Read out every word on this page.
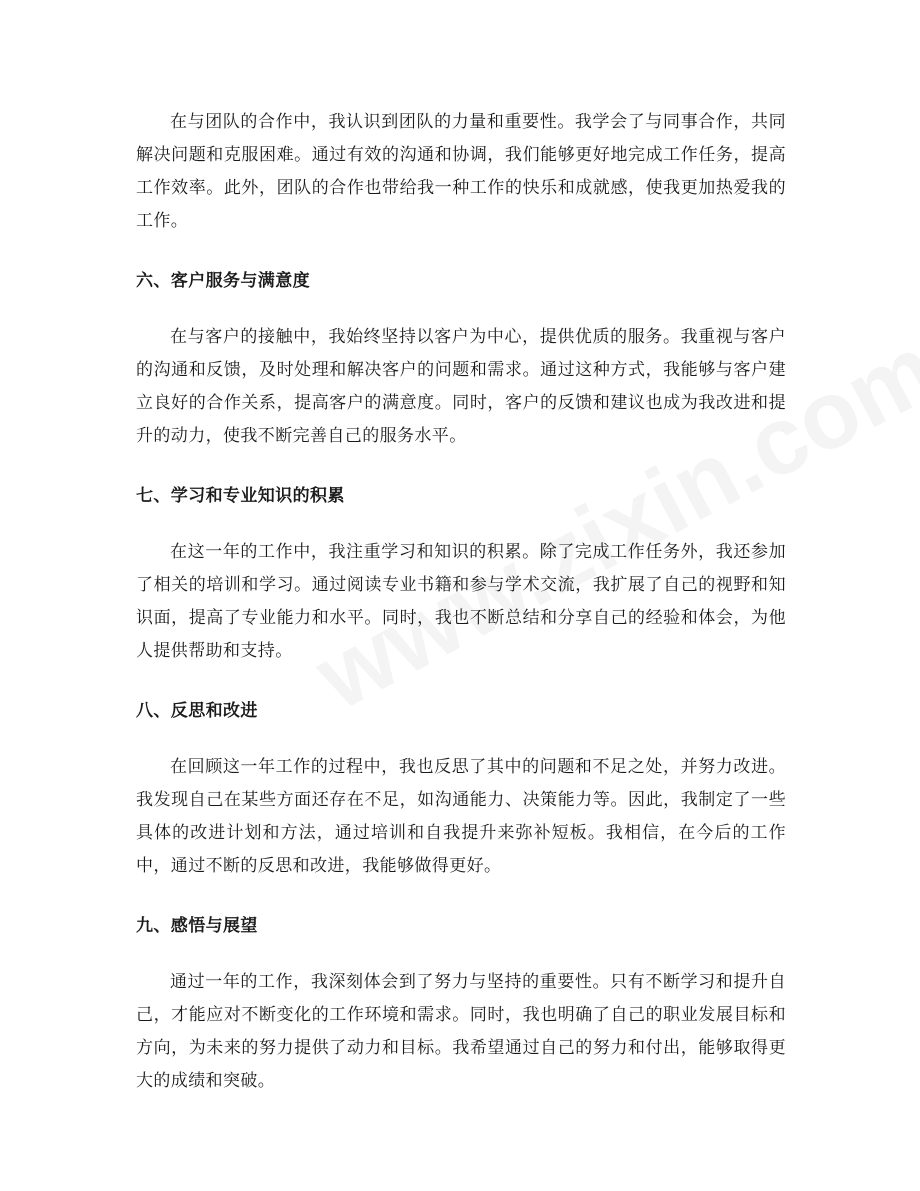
在与团队的合作中，我认识到团队的力量和重要性。我学会了与同事合作，共同解决问题和克服困难。通过有效的沟通和协调，我们能够更好地完成工作任务，提高工作效率。此外，团队的合作也带给我一种工作的快乐和成就感，使我更加热爱我的工作。

六、客户服务与满意度

在与客户的接触中，我始终坚持以客户为中心，提供优质的服务。我重视与客户的沟通和反馈，及时处理和解决客户的问题和需求。通过这种方式，我能够与客户建立良好的合作关系，提高客户的满意度。同时，客户的反馈和建议也成为我改进和提升的动力，使我不断完善自己的服务水平。

七、学习和专业知识的积累

在这一年的工作中，我注重学习和知识的积累。除了完成工作任务外，我还参加了相关的培训和学习。通过阅读专业书籍和参与学术交流，我扩展了自己的视野和知识面，提高了专业能力和水平。同时，我也不断总结和分享自己的经验和体会，为他人提供帮助和支持。

八、反思和改进

在回顾这一年工作的过程中，我也反思了其中的问题和不足之处，并努力改进。我发现自己在某些方面还存在不足，如沟通能力、决策能力等。因此，我制定了一些具体的改进计划和方法，通过培训和自我提升来弥补短板。我相信，在今后的工作中，通过不断的反思和改进，我能够做得更好。

九、感悟与展望

通过一年的工作，我深刻体会到了努力与坚持的重要性。只有不断学习和提升自己，才能应对不断变化的工作环境和需求。同时，我也明确了自己的职业发展目标和方向，为未来的努力提供了动力和目标。我希望通过自己的努力和付出，能够取得更大的成绩和突破。
